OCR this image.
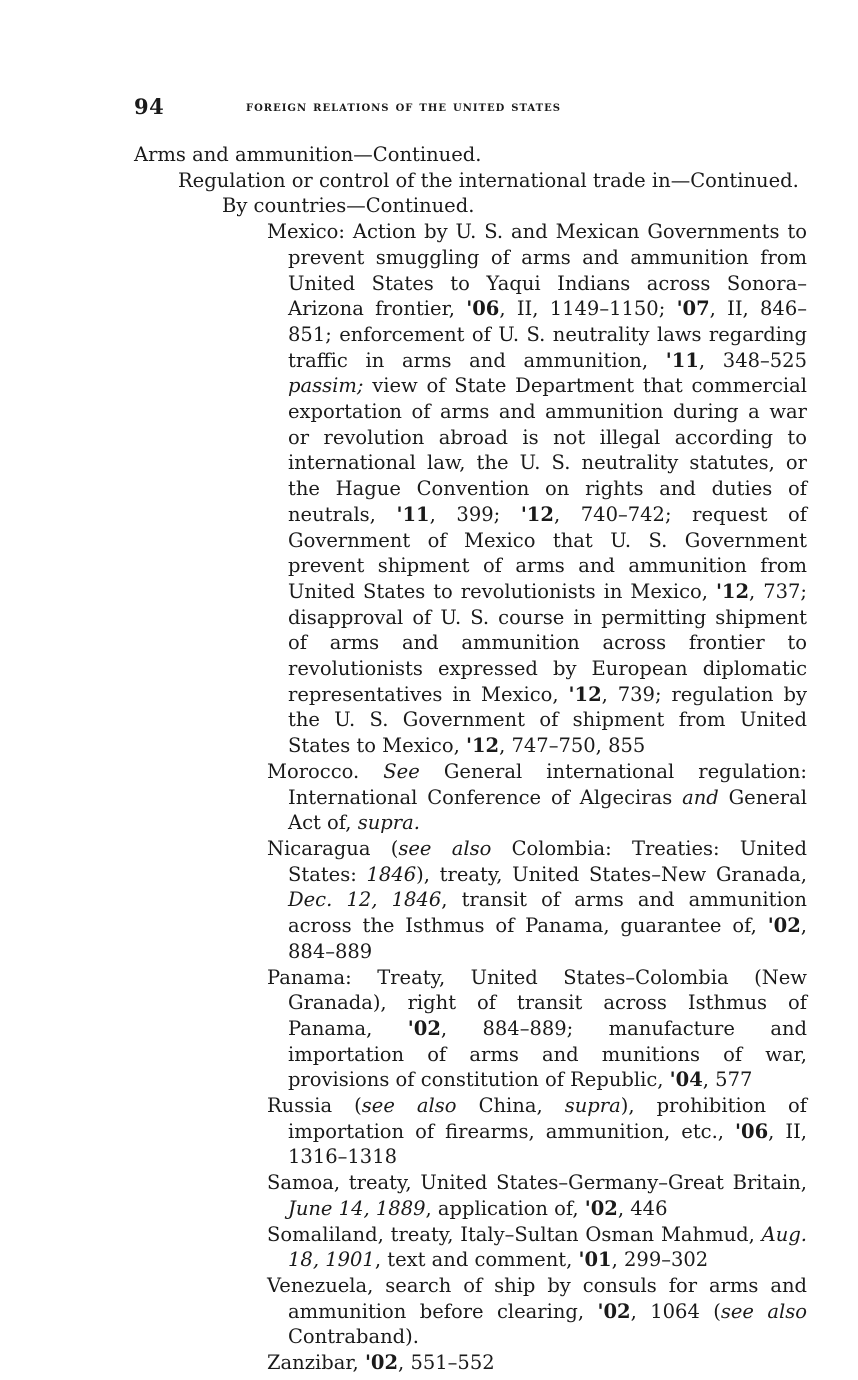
94	foreign relations of the united states
Arms and ammunition—Continued.
Regulation or control of the international trade in—Continued.
By countries—Continued.
Mexico: Action by U. S. and Mexican Governments to prevent smuggling of arms and ammunition from United States to Yaqui Indians across Sonora–Arizona frontier, '06, II, 1149–1150; '07, II, 846–851; enforcement of U. S. neutrality laws regarding traffic in arms and ammunition, '11, 348–525 passim; view of State Department that commercial exportation of arms and ammunition during a war or revolution abroad is not illegal according to international law, the U. S. neutrality statutes, or the Hague Convention on rights and duties of neutrals, '11, 399; '12, 740–742; request of Government of Mexico that U. S. Government prevent shipment of arms and ammunition from United States to revolutionists in Mexico, '12, 737; disapproval of U. S. course in permitting shipment of arms and ammunition across frontier to revolutionists expressed by European diplomatic representatives in Mexico, '12, 739; regulation by the U. S. Government of shipment from United States to Mexico, '12, 747–750, 855
Morocco. See General international regulation: International Conference of Algeciras and General Act of, supra.
Nicaragua (see also Colombia: Treaties: United States: 1846), treaty, United States–New Granada, Dec. 12, 1846, transit of arms and ammunition across the Isthmus of Panama, guarantee of, '02, 884–889
Panama: Treaty, United States–Colombia (New Granada), right of transit across Isthmus of Panama, '02, 884–889; manufacture and importation of arms and munitions of war, provisions of constitution of Republic, '04, 577
Russia (see also China, supra), prohibition of importation of firearms, ammunition, etc., '06, II, 1316–1318
Samoa, treaty, United States–Germany–Great Britain, June 14, 1889, application of, '02, 446
Somaliland, treaty, Italy–Sultan Osman Mahmud, Aug. 18, 1901, text and comment, '01, 299–302
Venezuela, search of ship by consuls for arms and ammunition before clearing, '02, 1064 (see also Contraband).
Zanzibar, '02, 551–552
